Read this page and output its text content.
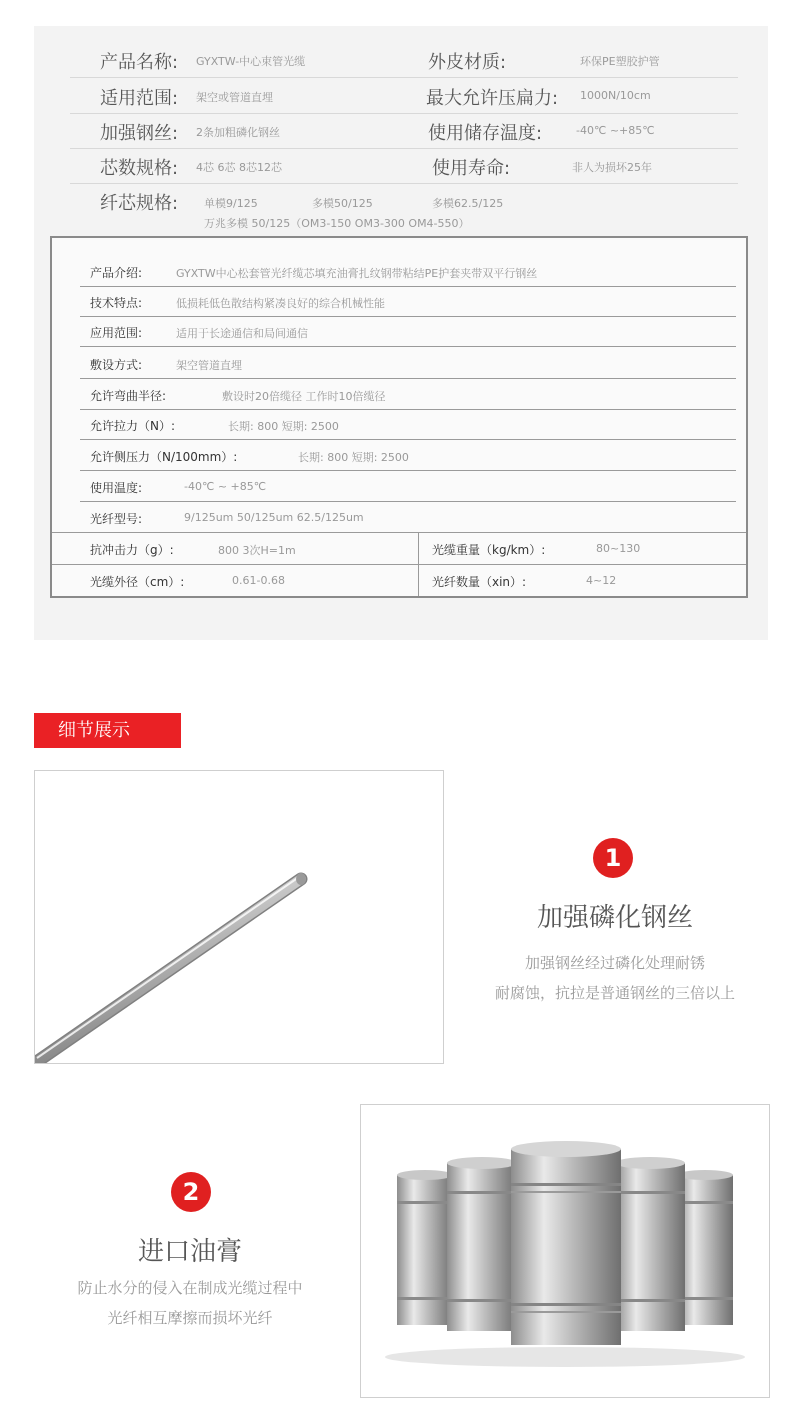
产品名称: GYXTW-中心束管光缆	外皮材质:	环保PE塑胶护管
适用范围: 架空或管道直埋	最大允许压扁力: 1000N/10cm
加强钢丝: 2条加粗磷化钢丝	使用储存温度:	-40℃ ~+85℃
芯数规格: 4芯 6芯 8芯12芯	使用寿命:	非人为损坏25年
纤芯规格: 单模9/125	多模50/125	多模62.5/125
万兆多模 50/125（OM3-150 OM3-300 OM4-550）
产品介绍:	GYXTW中心松套管光纤缆芯填充油膏扎纹钢带粘结PE护套夹带双平行钢丝
技术特点:	低损耗低色散结构紧凑良好的综合机械性能
应用范围:	适用于长途通信和局间通信
敷设方式:	架空管道直埋
允许弯曲半径:	敷设时20倍缆径 工作时10倍缆径
允许拉力（N）:	长期: 800 短期: 2500
允许侧压力（N/100mm）:	长期: 800 短期: 2500
使用温度:	-40℃ ~ +85℃
光纤型号:	9/125um 50/125um 62.5/125um
抗冲击力（g）:	800 3次H=1m	光缆重量（kg/km）:	80~130
光缆外径（cm）:	0.61-0.68	光纤数量（xin）:	4~12
细节展示
1
加强磷化钢丝
加强钢丝经过磷化处理耐锈
耐腐蚀，抗拉是普通钢丝的三倍以上
2
进口油膏
防止水分的侵入在制成光缆过程中
光纤相互摩擦而损坏光纤
